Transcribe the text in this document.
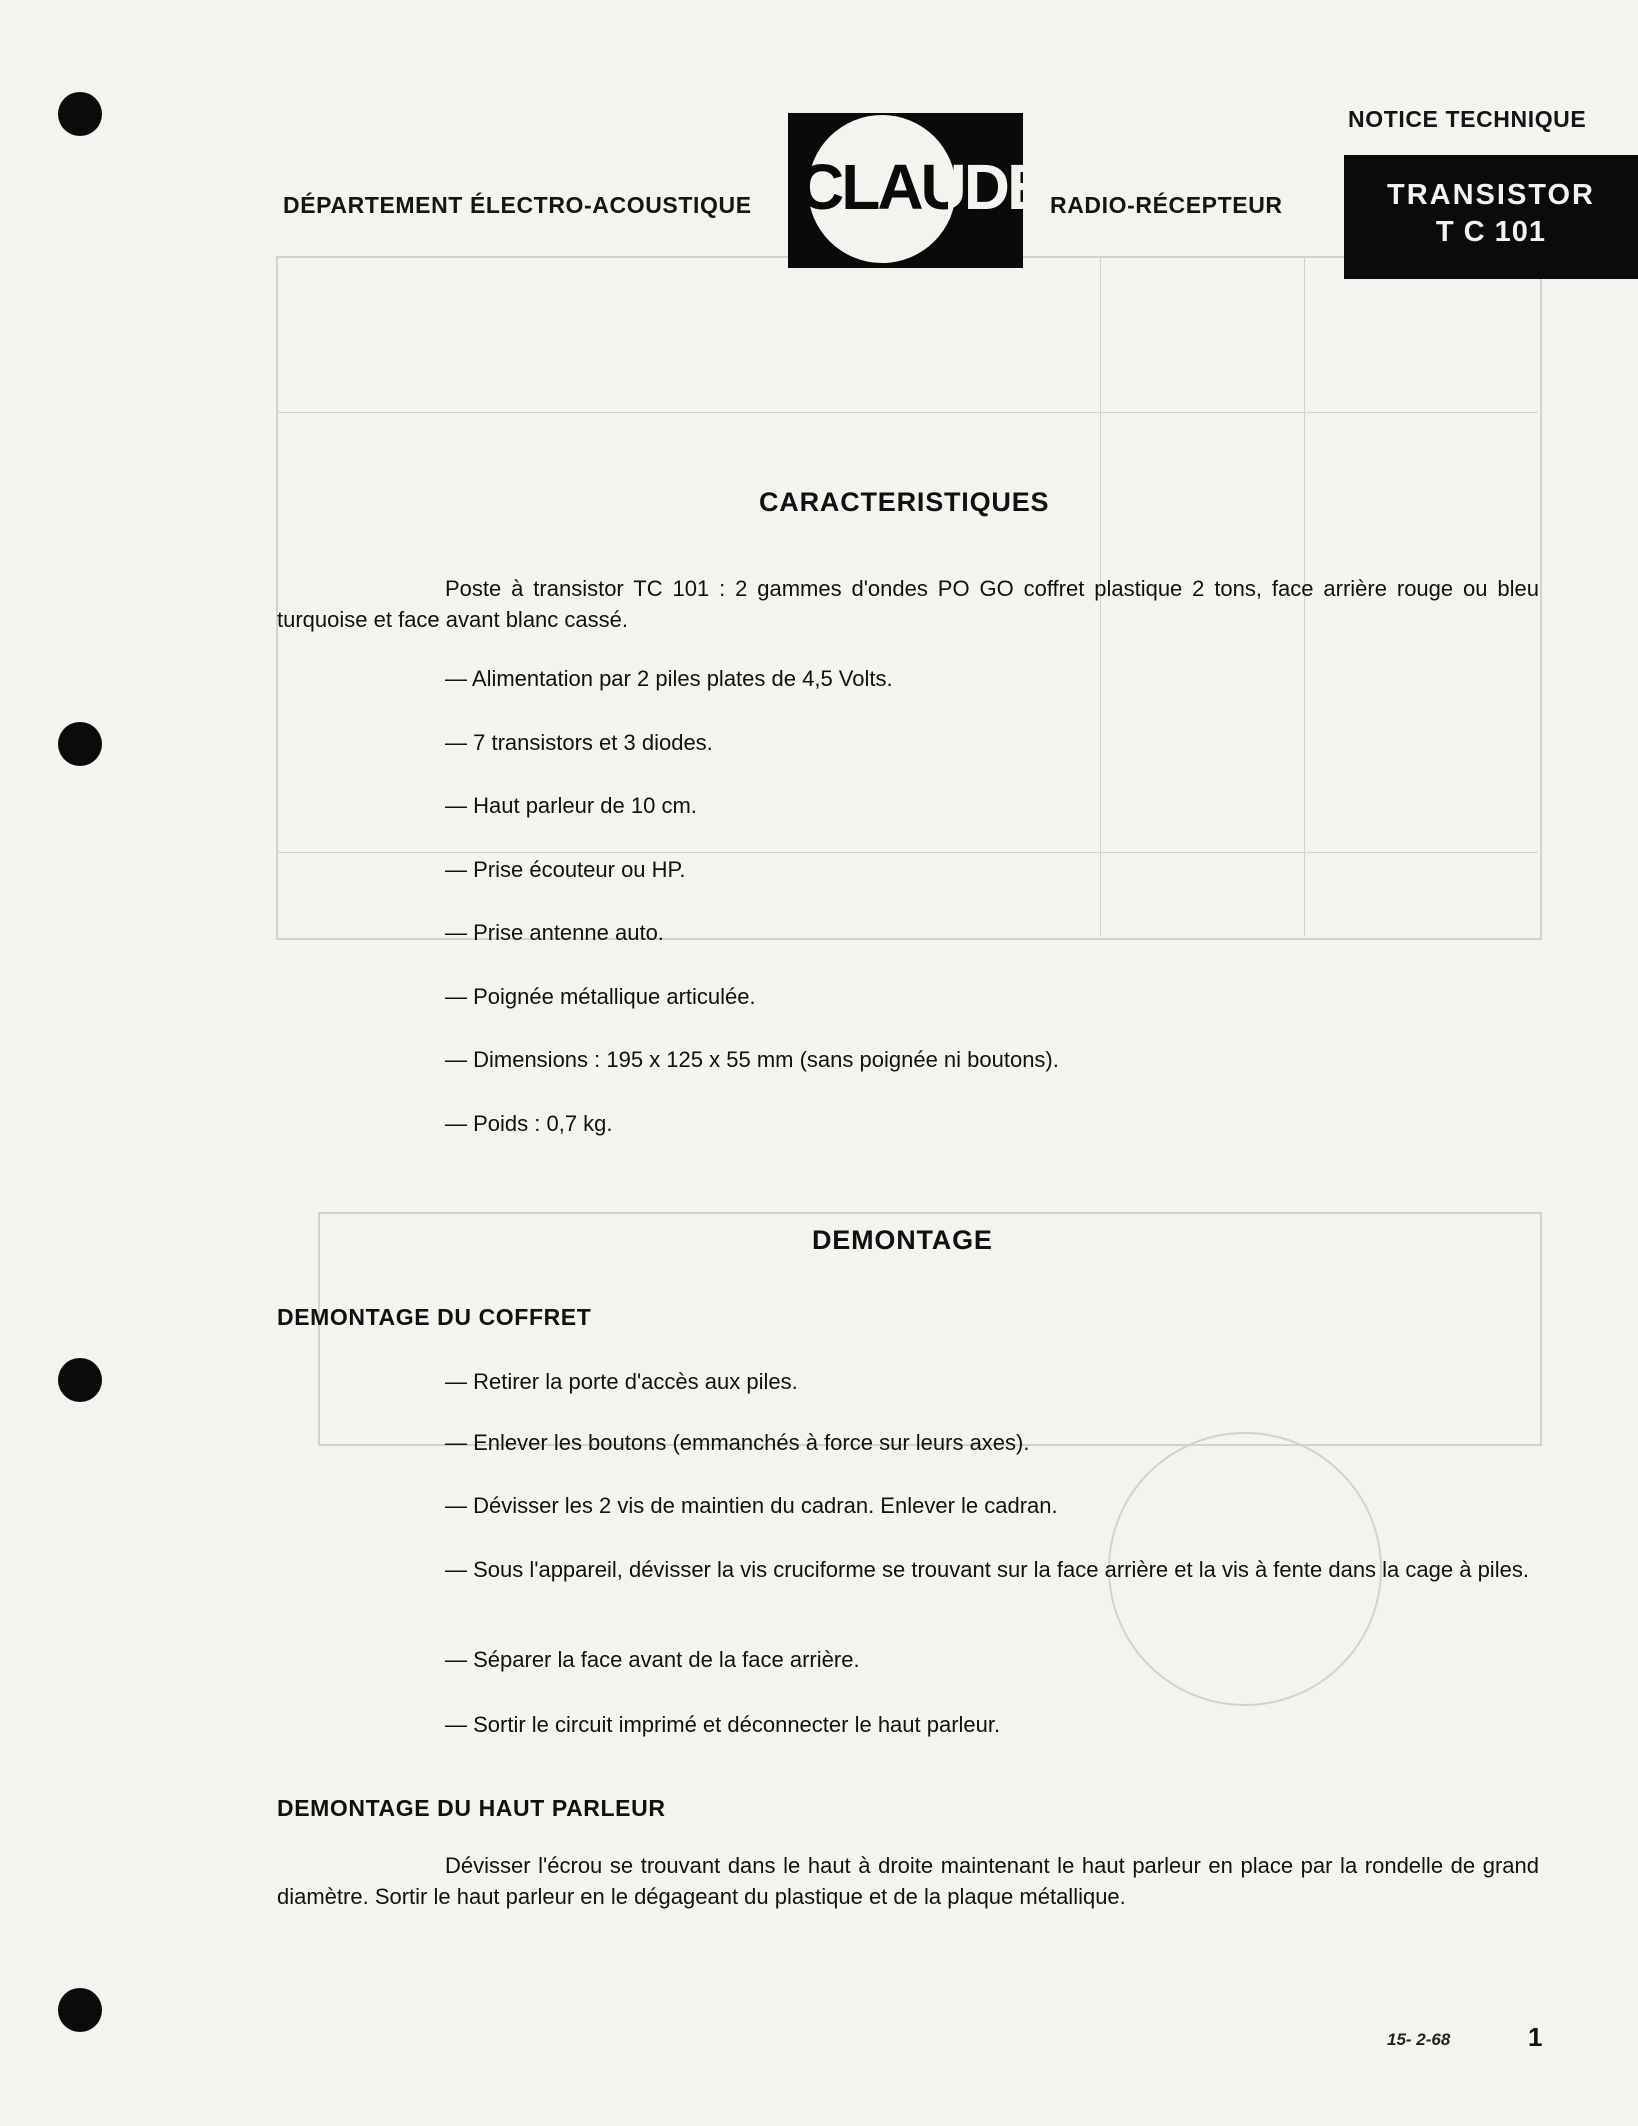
NOTICE TECHNIQUE
DÉPARTEMENT ÉLECTRO-ACOUSTIQUE CLAUDE RADIO-RÉCEPTEUR	TRANSISTOR
T C 101
CARACTERISTIQUES
Poste à transistor TC 101 : 2 gammes d'ondes PO GO coffret plastique 2 tons, face arrière rouge ou bleu turquoise et face avant blanc cassé.
— Alimentation par 2 piles plates de 4,5 Volts.
— 7 transistors et 3 diodes.
— Haut parleur de 10 cm.
— Prise écouteur ou HP.
— Prise antenne auto.
— Poignée métallique articulée.
— Dimensions : 195 x 125 x 55 mm (sans poignée ni boutons).
— Poids : 0,7 kg.
DEMONTAGE
DEMONTAGE DU COFFRET
— Retirer la porte d'accès aux piles.
— Enlever les boutons (emmanchés à force sur leurs axes).
— Dévisser les 2 vis de maintien du cadran. Enlever le cadran.
— Sous l'appareil, dévisser la vis cruciforme se trouvant sur la face arrière et la vis à fente dans la cage à piles.
— Séparer la face avant de la face arrière.
— Sortir le circuit imprimé et déconnecter le haut parleur.
DEMONTAGE DU HAUT PARLEUR
Dévisser l'écrou se trouvant dans le haut à droite maintenant le haut parleur en place par la rondelle de grand diamètre. Sortir le haut parleur en le dégageant du plastique et de la plaque métallique.
15- 2-68	1
